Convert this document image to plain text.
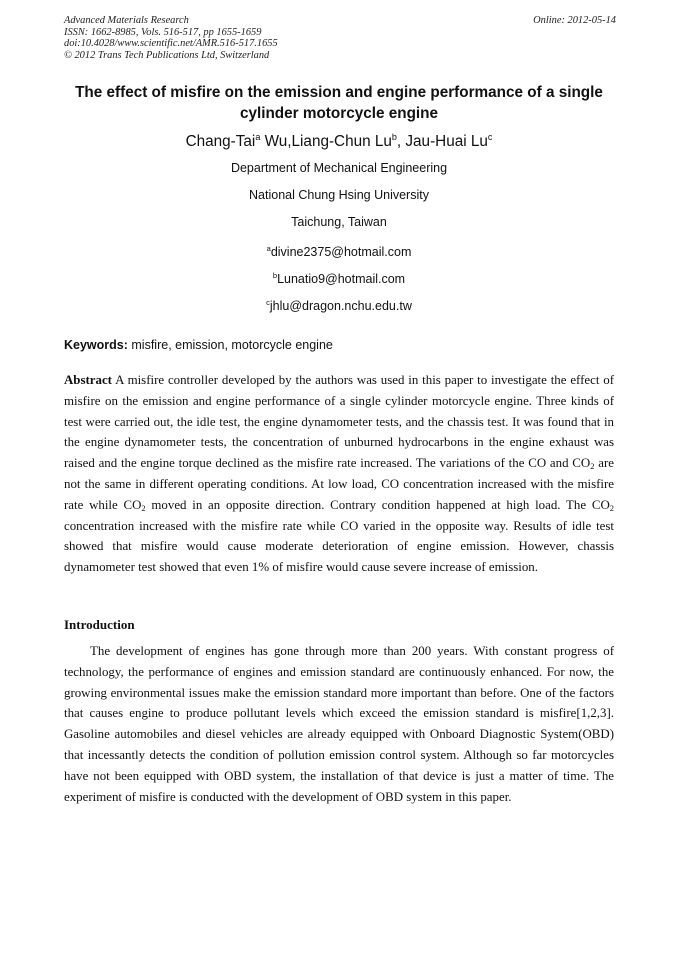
Advanced Materials Research	Online: 2012-05-14
ISSN: 1662-8985, Vols. 516-517, pp 1655-1659
doi:10.4028/www.scientific.net/AMR.516-517.1655
© 2012 Trans Tech Publications Ltd, Switzerland
The effect of misfire on the emission and engine performance of a single cylinder motorcycle engine
Chang-Tai$^a$ Wu,Liang-Chun Lu$^b$, Jau-Huai Lu$^c$
Department of Mechanical Engineering
National Chung Hsing University
Taichung, Taiwan
$^a$divine2375@hotmail.com
$^b$Lunatio9@hotmail.com
$^c$jhlu@dragon.nchu.edu.tw
Keywords: misfire, emission, motorcycle engine
Abstract A misfire controller developed by the authors was used in this paper to investigate the effect of misfire on the emission and engine performance of a single cylinder motorcycle engine. Three kinds of test were carried out, the idle test, the engine dynamometer tests, and the chassis test. It was found that in the engine dynamometer tests, the concentration of unburned hydrocarbons in the engine exhaust was raised and the engine torque declined as the misfire rate increased. The variations of the CO and $CO_2$ are not the same in different operating conditions. At low load, CO concentration increased with the misfire rate while $CO_2$ moved in an opposite direction. Contrary condition happened at high load. The $CO_2$ concentration increased with the misfire rate while CO varied in the opposite way. Results of idle test showed that misfire would cause moderate deterioration of engine emission. However, chassis dynamometer test showed that even 1% of misfire would cause severe increase of emission.
Introduction
The development of engines has gone through more than 200 years. With constant progress of technology, the performance of engines and emission standard are continuously enhanced. For now, the growing environmental issues make the emission standard more important than before. One of the factors that causes engine to produce pollutant levels which exceed the emission standard is misfire[1,2,3]. Gasoline automobiles and diesel vehicles are already equipped with Onboard Diagnostic System(OBD) that incessantly detects the condition of pollution emission control system. Although so far motorcycles have not been equipped with OBD system, the installation of that device is just a matter of time. The experiment of misfire is conducted with the development of OBD system in this paper.
